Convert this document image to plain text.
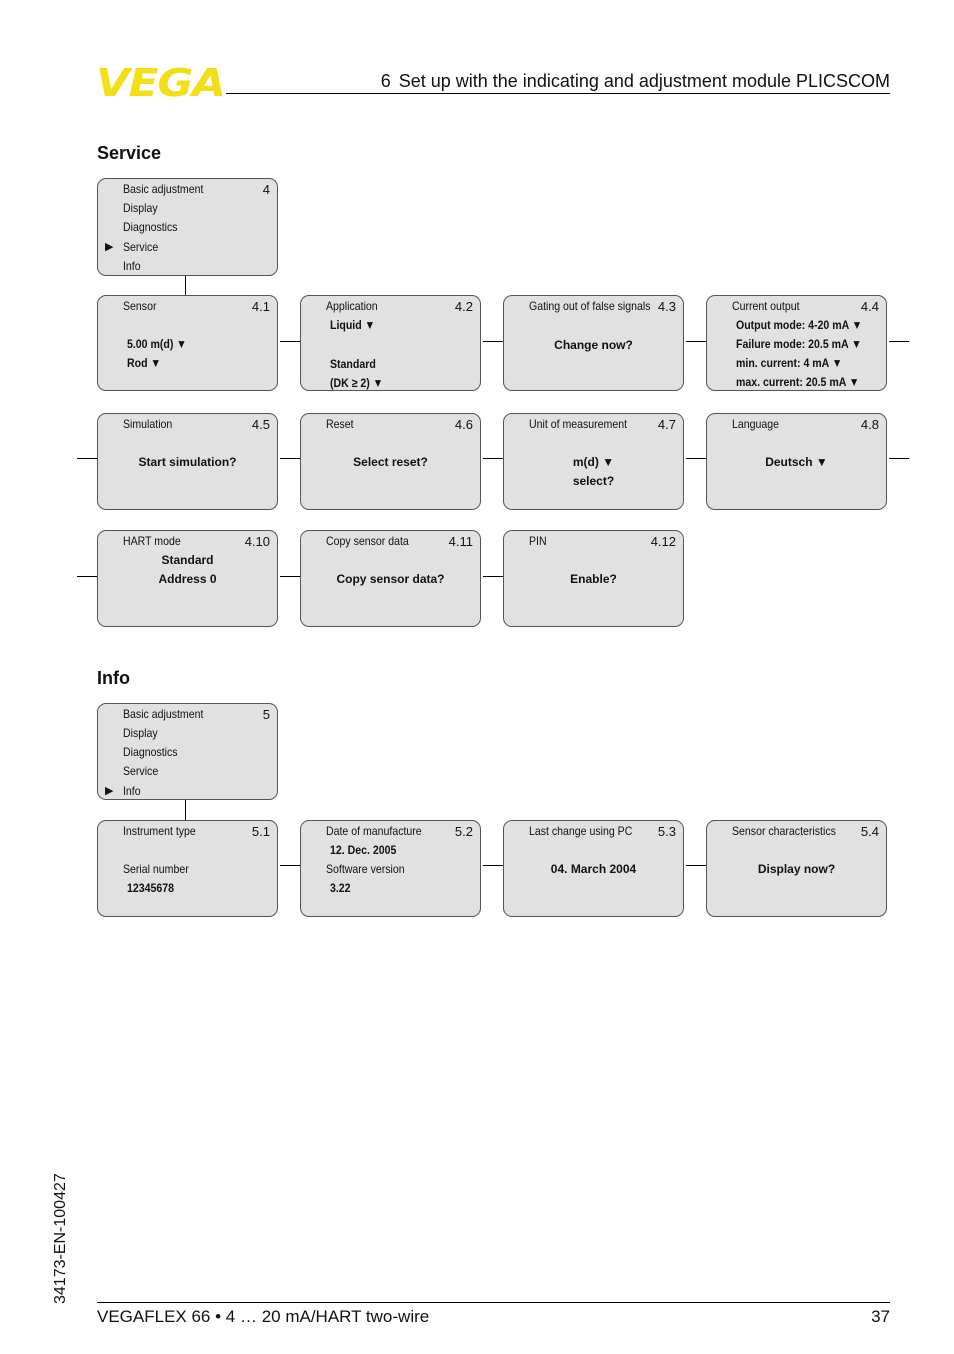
VEGA	6 Set up with the indicating and adjustment module PLICSCOM
Service
Basic adjustment	4
Display
Diagnostics
▶ Service
Info
Sensor	4.1
5.00 m(d) ▼
Rod ▼
Application	4.2
Liquid ▼
Standard
(DK ≥ 2) ▼
Gating out of false signals 4.3
Change now?
Current output	4.4
Output mode: 4-20 mA ▼
Failure mode: 20.5 mA ▼
min. current: 4 mA ▼
max. current: 20.5 mA ▼
Simulation	4.5
Start simulation?
Reset	4.6
Select reset?
Unit of measurement 4.7
m(d) ▼
select?
Language	4.8
Deutsch ▼
HART mode	4.10
Standard
Address 0
Copy sensor data	4.11
Copy sensor data?
PIN	4.12
Enable?
Info
Basic adjustment	5
Display
Diagnostics
Service
▶ Info
Instrument type	5.1
Serial number
12345678
Date of manufacture	5.2
12. Dec. 2005
Software version
3.22
Last change using PC 5.3
04. March 2004
Sensor characteristics 5.4
Display now?
34173-EN-100427
VEGAFLEX 66 • 4 … 20 mA/HART two-wire	37
